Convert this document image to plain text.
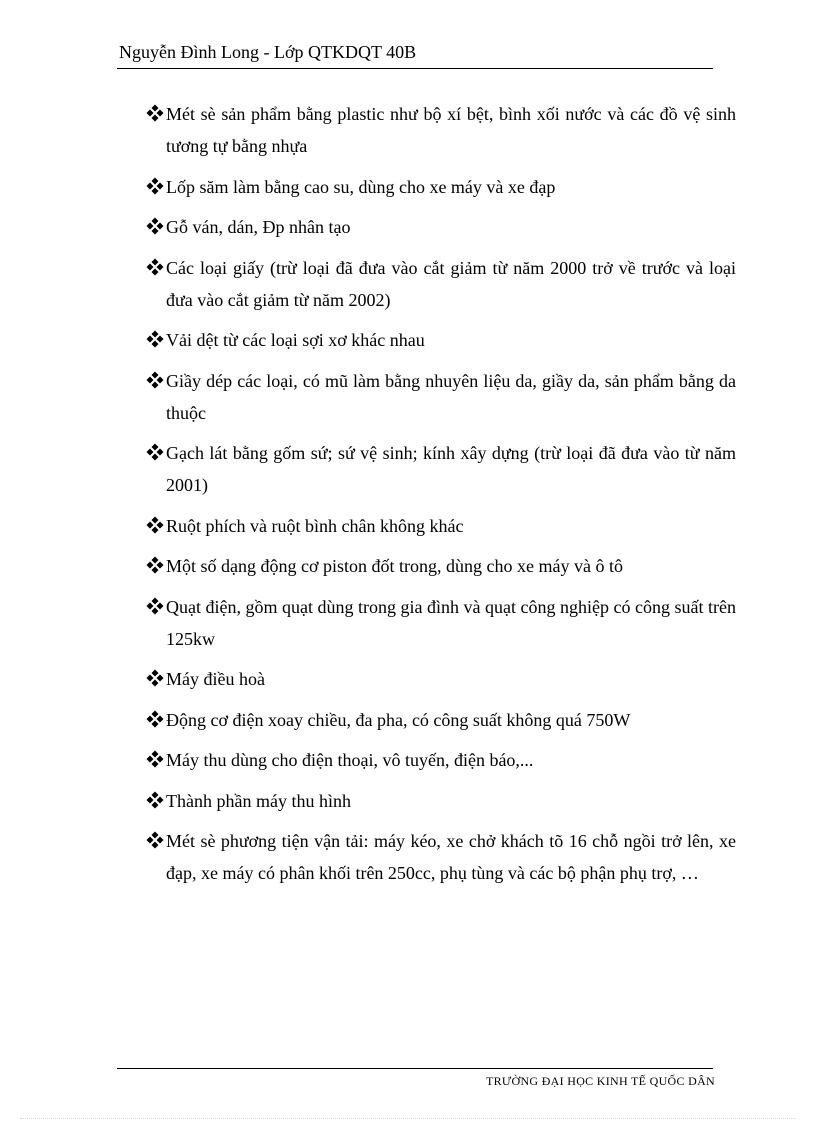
Nguyễn Đình Long - Lớp QTKDQT 40B
Mét sè sản phẩm bằng plastic như bộ xí bệt, bình xối nước và các đồ vệ sinh tương tự bằng nhựa
Lốp săm làm bằng cao su, dùng cho xe máy và xe đạp
Gỗ ván, dán, Đp nhân tạo
Các loại giấy (trừ loại đã đưa vào cắt giảm từ năm 2000 trở về trước và loại đưa vào cắt giảm từ năm 2002)
Vải dệt từ các loại sợi xơ khác nhau
Giầy dép các loại, có mũ làm bằng nhuyên liệu da, giầy da, sản phẩm bằng da thuộc
Gạch lát bằng gốm sứ; sứ vệ sinh; kính xây dựng (trừ loại đã đưa vào từ năm 2001)
Ruột phích và ruột bình chân không khác
Một số dạng động cơ piston đốt trong, dùng cho xe máy và ô tô
Quạt điện, gồm quạt dùng trong gia đình và quạt công nghiệp có công suất trên 125kw
Máy điều hoà
Động cơ điện xoay chiều, đa pha, có công suất không quá 750W
Máy thu dùng cho điện thoại, vô tuyến, điện báo,...
Thành phần máy thu hình
Mét sè phương tiện vận tải: máy kéo, xe chở khách tõ 16 chỗ ngồi trở lên, xe đạp, xe máy có phân khối trên 250cc, phụ tùng và các bộ phận phụ trợ, …
TRƯỜNG ĐẠI HỌC KINH TẾ QUỐC DÂN
